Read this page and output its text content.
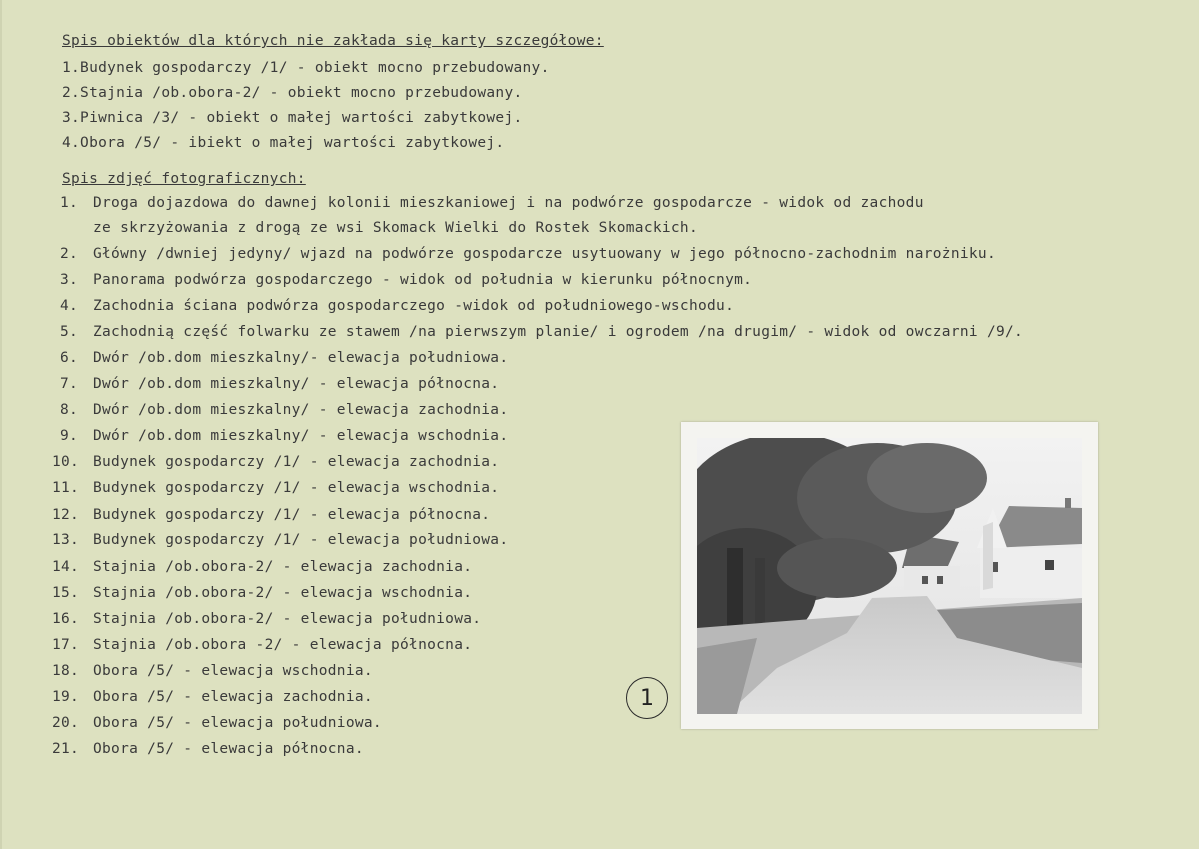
Spis obiektów dla których nie zakłada się karty szczegółowe:
1.Budynek gospodarczy /1/ - obiekt mocno przebudowany.
2.Stajnia /ob.obora-2/ - obiekt mocno przebudowany.
3.Piwnica /3/ - obiekt o małej wartości zabytkowej.
4.Obora /5/ - ibiekt o małej wartości zabytkowej.
Spis zdjęć fotograficznych:
1. Droga dojazdowa do dawnej kolonii mieszkaniowej i na podwórze gospodarcze - widok od zachodu
ze skrzyżowania z drogą ze wsi Skomack Wielki do Rostek Skomackich.
2. Główny /dwniej jedyny/ wjazd na podwórze gospodarcze usytuowany w jego północno-zachodnim narożniku.
3. Panorama podwórza gospodarczego - widok od południa w kierunku północnym.
4. Zachodnia ściana podwórza gospodarczego -widok od południowego-wschodu.
5. Zachodnią część folwarku ze stawem /na pierwszym planie/ i ogrodem /na drugim/ - widok od owczarni /9/.
6. Dwór /ob.dom mieszkalny/- elewacja południowa.
7. Dwór /ob.dom mieszkalny/ - elewacja północna.
8. Dwór /ob.dom mieszkalny/ - elewacja zachodnia.
9. Dwór /ob.dom mieszkalny/ - elewacja wschodnia.
10. Budynek gospodarczy /1/ - elewacja zachodnia.
11. Budynek gospodarczy /1/ - elewacja wschodnia.
12. Budynek gospodarczy /1/ - elewacja północna.
13. Budynek gospodarczy /1/ - elewacja południowa.
14. Stajnia /ob.obora-2/ - elewacja zachodnia.
15. Stajnia /ob.obora-2/ - elewacja wschodnia.
16. Stajnia /ob.obora-2/ - elewacja południowa.
17. Stajnia /ob.obora -2/ - elewacja północna.
18. Obora /5/ - elewacja wschodnia.
19. Obora /5/ - elewacja zachodnia.
20. Obora /5/ - elewacja południowa.
21. Obora /5/ - elewacja północna.
1
